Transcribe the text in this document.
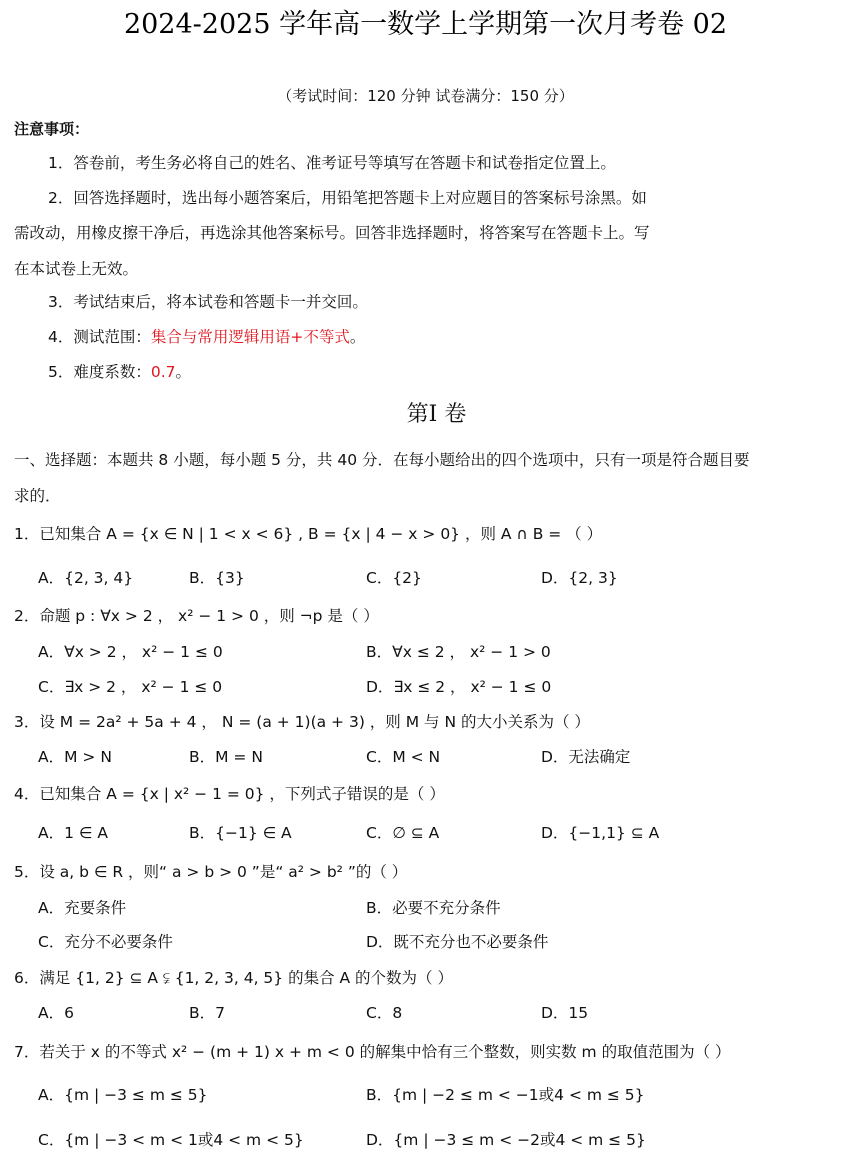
2024-2025 学年高一数学上学期第一次月考卷 02
（考试时间：120 分钟 试卷满分：150 分）
注意事项：
1．答卷前，考生务必将自己的姓名、准考证号等填写在答题卡和试卷指定位置上。
2．回答选择题时，选出每小题答案后，用铅笔把答题卡上对应题目的答案标号涂黑。如
需改动，用橡皮擦干净后，再选涂其他答案标号。回答非选择题时，将答案写在答题卡上。写
在本试卷上无效。
3．考试结束后，将本试卷和答题卡一并交回。
4．测试范围：集合与常用逻辑用语+不等式。
5．难度系数：0.7。
第Ⅰ 卷
一、选择题：本题共 8 小题，每小题 5 分，共 40 分．在每小题给出的四个选项中，只有一项是符合题目要
求的．
1．已知集合 A = {x ∈ N | 1 < x < 6} , B = {x | 4 − x > 0} ，则 A ∩ B = （ ）
A．{2, 3, 4}	B．{3}	C．{2}	D．{2, 3}
2．命题 p : ∀x > 2 ， x² − 1 > 0 ，则 ¬p 是（ ）
A．∀x > 2 ， x² − 1 ≤ 0	B．∀x ≤ 2 ， x² − 1 > 0
C．∃x > 2 ， x² − 1 ≤ 0	D．∃x ≤ 2 ， x² − 1 ≤ 0
3．设 M = 2a² + 5a + 4 ， N = (a + 1)(a + 3) ，则 M 与 N 的大小关系为（ ）
A．M > N	B．M = N	C．M < N	D．无法确定
4．已知集合 A = {x | x² − 1 = 0} ，下列式子错误的是（ ）
A．1 ∈ A	B．{−1} ∈ A	C．∅ ⊆ A	D．{−1,1} ⊆ A
5．设 a, b ∈ R ，则“ a > b > 0 ”是“ a² > b² ”的（ ）
A．充要条件	B．必要不充分条件
C．充分不必要条件	D．既不充分也不必要条件
6．满足 {1, 2} ⊆ A ⫋ {1, 2, 3, 4, 5} 的集合 A 的个数为（ ）
A．6	B．7	C．8	D．15
7．若关于 x 的不等式 x² − (m + 1) x + m < 0 的解集中恰有三个整数，则实数 m 的取值范围为（ ）
A．{m | −3 ≤ m ≤ 5}	B．{m | −2 ≤ m < −1或4 < m ≤ 5}
C．{m | −3 < m < 1或4 < m < 5}	D．{m | −3 ≤ m < −2或4 < m ≤ 5}
